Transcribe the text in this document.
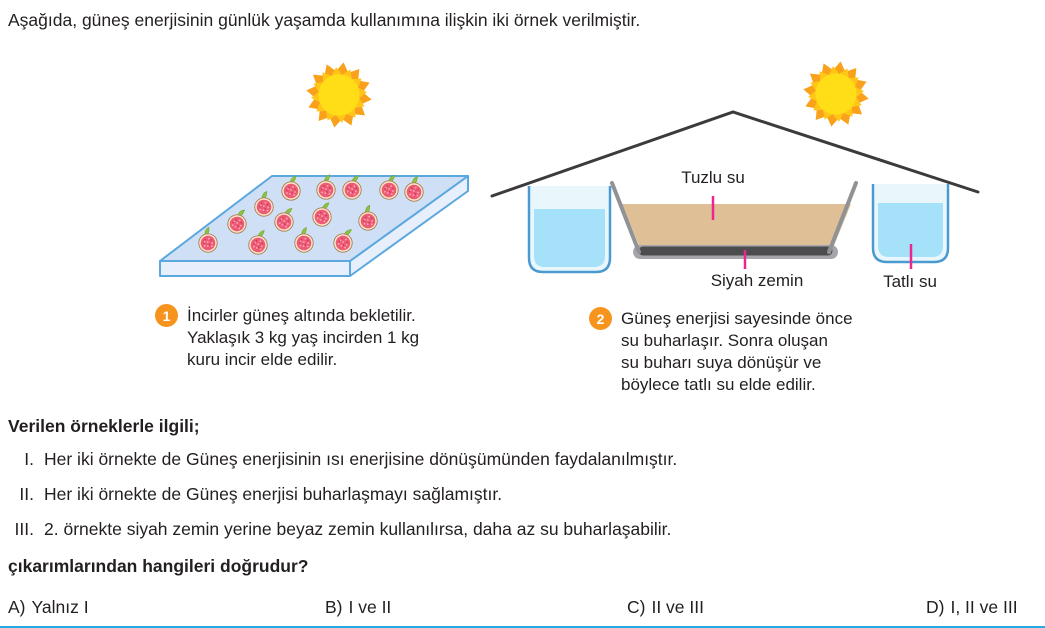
Aşağıda, güneş enerjisinin günlük yaşamda kullanımına ilişkin iki örnek verilmiştir.
Tuzlu su
Siyah zemin	Tatlı su
1 İncirler güneş altında bekletilir.
Yaklaşık 3 kg yaş incirden 1 kg
kuru incir elde edilir.
2 Güneş enerjisi sayesinde önce
su buharlaşır. Sonra oluşan
su buharı suya dönüşür ve
böylece tatlı su elde edilir.
Verilen örneklerle ilgili;
I. Her iki örnekte de Güneş enerjisinin ısı enerjisine dönüşümünden faydalanılmıştır.
II. Her iki örnekte de Güneş enerjisi buharlaşmayı sağlamıştır.
III. 2. örnekte siyah zemin yerine beyaz zemin kullanılırsa, daha az su buharlaşabilir.
çıkarımlarından hangileri doğrudur?
A) Yalnız I	B) I ve II	C) II ve III	D) I, II ve III
